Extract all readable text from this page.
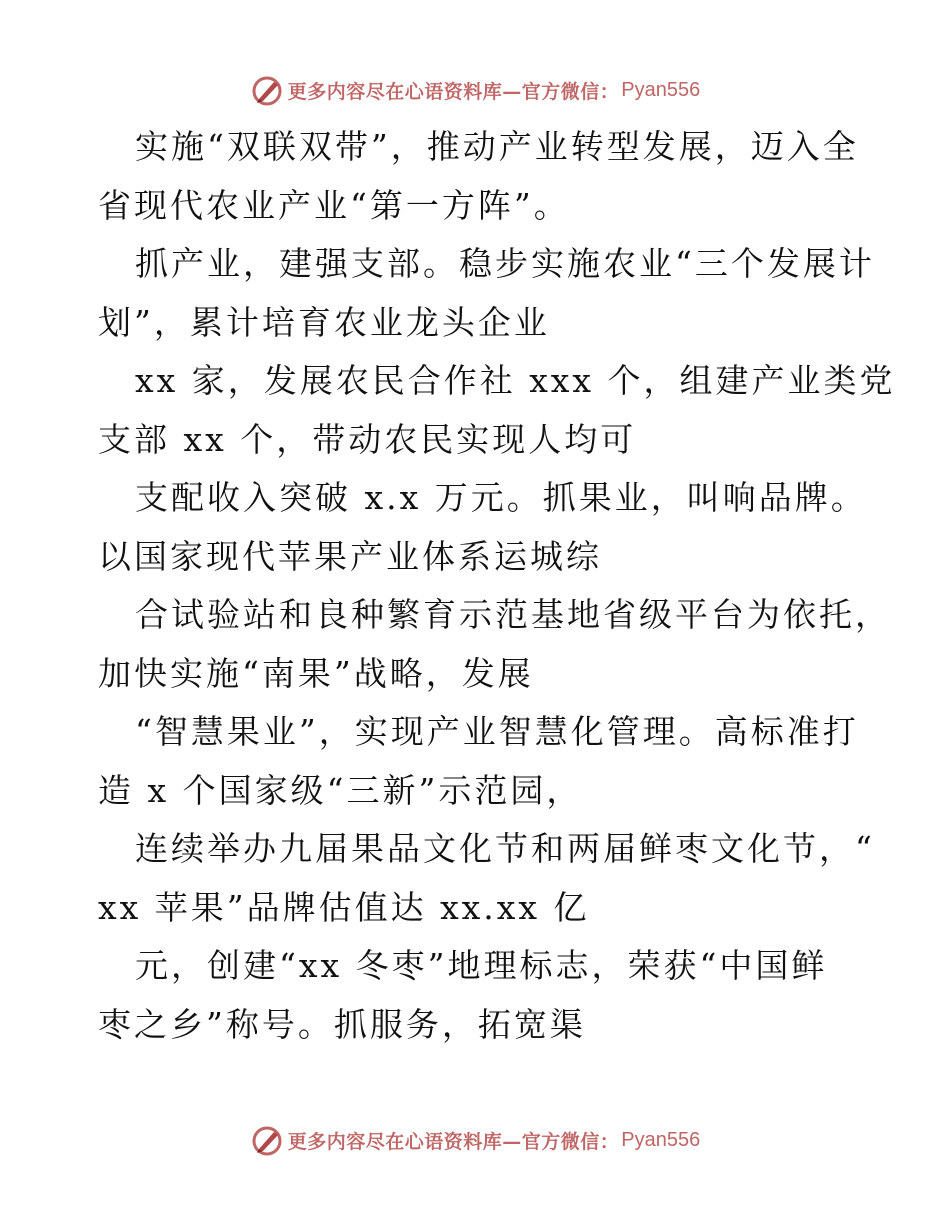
更多内容尽在心语资料库—官方微信： Pyan556
实施“双联双带”，推动产业转型发展，迈入全
省现代农业产业“第一方阵”。
抓产业，建强支部。稳步实施农业“三个发展计
划”，累计培育农业龙头企业
xx 家，发展农民合作社 xxx 个，组建产业类党
支部 xx 个，带动农民实现人均可
支配收入突破 x.x 万元。抓果业，叫响品牌。
以国家现代苹果产业体系运城综
合试验站和良种繁育示范基地省级平台为依托，
加快实施“南果”战略，发展
“智慧果业”，实现产业智慧化管理。高标准打
造 x 个国家级“三新”示范园，
连续举办九届果品文化节和两届鲜枣文化节，“
xx 苹果”品牌估值达 xx.xx 亿
元，创建“xx 冬枣”地理标志，荣获“中国鲜
枣之乡”称号。抓服务，拓宽渠
更多内容尽在心语资料库—官方微信： Pyan556
